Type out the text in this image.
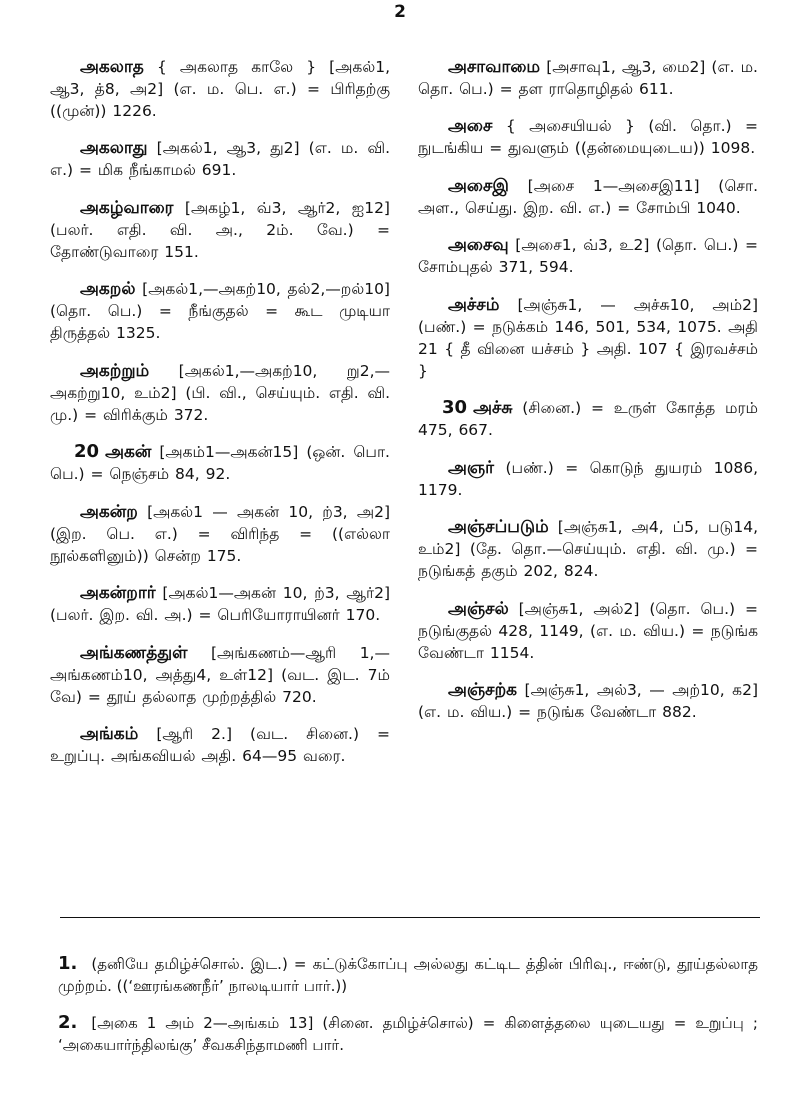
2

அகலாத { அகலாத காலே } [அகல்1, ஆ3, த்8, அ2] (எ. ம. பெ. எ.) = பிரிதற்கு ((முன்)) 1226.

அகலாது [அகல்1, ஆ3, து2] (எ. ம. வி. எ.) = மிக நீங்காமல் 691.

அகழ்வாரை [அகழ்1, வ்3, ஆர்2, ஐ12] (பலர். எதி. வி. அ., 2ம். வே.) = தோண்டுவாரை 151.

அகறல் [அகல்1,—அகற்10, தல்2,—றல்10] (தொ. பெ.) = நீங்குதல் = கூட முடியா திருத்தல் 1325.

அகற்றும் [அகல்1,—அகற்10, று2,—அகற்று10, உம்2] (பி. வி., செய்யும். எதி. வி. மு.) = விரிக்கும் 372.

20 அகன் [அகம்1—அகன்15] (ஒன். பொ. பெ.) = நெஞ்சம் 84, 92.

அகன்ற [அகல்1 — அகன் 10, ற்3, அ2] (இற. பெ. எ.) = விரிந்த = ((எல்லா நூல்களினும்)) சென்ற 175.

அகன்றார் [அகல்1—அகன் 10, ற்3, ஆர்2] (பலர். இற. வி. அ.) = பெரியோராயினர் 170.

அங்கணத்துள் [அங்கணம்—ஆரி 1,—அங்கணம்10, அத்து4, உள்12] (வட. இட. 7ம் வே) = தூய் தல்லாத முற்றத்தில் 720.

அங்கம் [ஆரி 2.] (வட. சினை.) = உறுப்பு. அங்கவியல் அதி. 64—95 வரை.

அசாவாமை [அசாவு1, ஆ3, மை2] (எ. ம. தொ. பெ.) = தள ராதொழிதல் 611.

அசை { அசையியல் } (வி. தொ.) = நுடங்கிய = துவளும் ((தன்மையுடைய)) 1098.

அசைஇ [அசை 1—அசைஇ11] (சொ. அள., செய்து. இற. வி. எ.) = சோம்பி 1040.

அசைவு [அசை1, வ்3, உ2] (தொ. பெ.) = சோம்புதல் 371, 594.

அச்சம் [அஞ்சு1, — அச்சு10, அம்2] (பண்.) = நடுக்கம் 146, 501, 534, 1075. அதி 21 { தீ வினை யச்சம் } அதி. 107 { இரவச்சம் }

30 அச்சு (சினை.) = உருள் கோத்த மரம் 475, 667.

அஞர் (பண்.) = கொடுந் துயரம் 1086, 1179.

அஞ்சப்படும் [அஞ்சு1, அ4, ப்5, படு14, உம்2] (தே. தொ.—செய்யும். எதி. வி. மு.) = நடுங்கத் தகும் 202, 824.

அஞ்சல் [அஞ்சு1, அல்2] (தொ. பெ.) = நடுங்குதல் 428, 1149, (எ. ம. விய.) = நடுங்க வேண்டா 1154.

அஞ்சற்க [அஞ்சு1, அல்3, — அற்10, க2] (எ. ம. விய.) = நடுங்க வேண்டா 882.

1. (தனியே தமிழ்ச்சொல். இட.) = கட்டுக்கோப்பு அல்லது கட்டிட த்தின் பிரிவு., ஈண்டு, தூய்தல்லாத முற்றம். ((‘ஊரங்கணநீர்’ நாலடியார் பார்.))

2. [அகை 1 அம் 2—அங்கம் 13] (சினை. தமிழ்ச்சொல்) = கிளைத்தலை யுடையது = உறுப்பு ; ‘அகையார்ந்திலங்கு’ சீவகசிந்தாமணி பார்.
